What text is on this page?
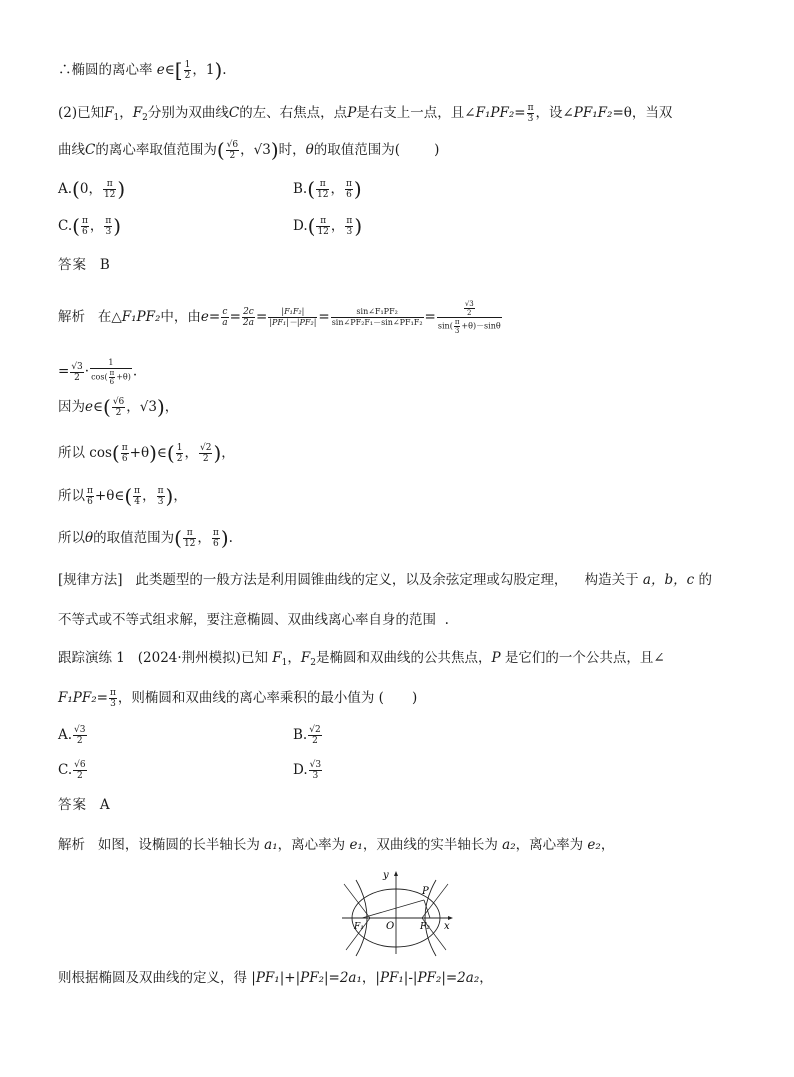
∴椭圆的离心率 e∈[ $\frac{1}{2}$ ，1).
(2)已知$F_1$，$F_2$分别为双曲线C的左、右焦点，点P是右支上一点，且∠F₁PF₂= $\frac{\pi}{3}$ ，设∠PF₁F₂=θ，当双
曲线C的离心率取值范围为( $\frac{√6}{2}$ ，√3)时，θ的取值范围为(	)
A.(0， $\frac{\pi}{12}$ )	$B.( \frac{\pi}{12}$ ， $\frac{\pi}{6}$ )
$C.( \frac{\pi}{6}$ ， $\frac{\pi}{3}$ )	$D.( \frac{\pi}{12}$ ， $\frac{\pi}{3}$ )
答案 B
解析 在△F₁PF₂中，由$e= \frac{c}{a} = \frac{2c}{2a} = \frac{\text{|F₁F₂|}}{\text{|PF₁|－|PF₂|}} = \frac{\text{sin∠F₁PF₂}}{\text{sin∠PF₂F₁－sin∠PF₁F₂}} = \frac{\frac{√3}{2}}{\sin( \frac{\pi}{3} +\theta)-\sin\theta}$
= $\frac{√3}{2} \cdot \frac{1}{\cos( \frac{\pi}{6} +\theta)}$ .
因为e∈( $\frac{√6}{2}$ ，√3)，
所以 $\cos( \frac{\pi}{6}$ +θ)∈( $\frac{1}{2}$ ， $\frac{√2}{2}$ )，
所以 $\frac{\pi}{6}$ +θ∈( $\frac{\pi}{4}$ ， $\frac{\pi}{3}$ )，
所以θ的取值范围为( $\frac{\pi}{12}$ ， $\frac{\pi}{6}$ ).
[规律方法] 此类题型的一般方法是利用圆锥曲线的定义，以及余弦定理或勾股定理， 构造关于 a，b，c 的
不等式或不等式组求解，要注意椭圆、双曲线离心率自身的范围  .
跟踪演练 1 (2024·荆州模拟)已知 $F_1$，$F_2$是椭圆和双曲线的公共焦点，P 是它们的一个公共点，且∠
$F_1PF_2= \frac{\pi}{3}$ ，则椭圆和双曲线的离心率乘积的最小值为 ( )
A. $\frac{√3}{2}$	B. $\frac{√2}{2}$
C. $\frac{√6}{2}$	D. $\frac{√3}{3}$
答案 A
解析 如图，设椭圆的长半轴长为 a₁，离心率为 e₁，双曲线的实半轴长为 a₂，离心率为 e₂，
y
x
O
P
F₁	F₂
则根据椭圆及双曲线的定义，得 |PF₁|+|PF₂|=2a₁，|PF₁|-|PF₂|=2a₂，
